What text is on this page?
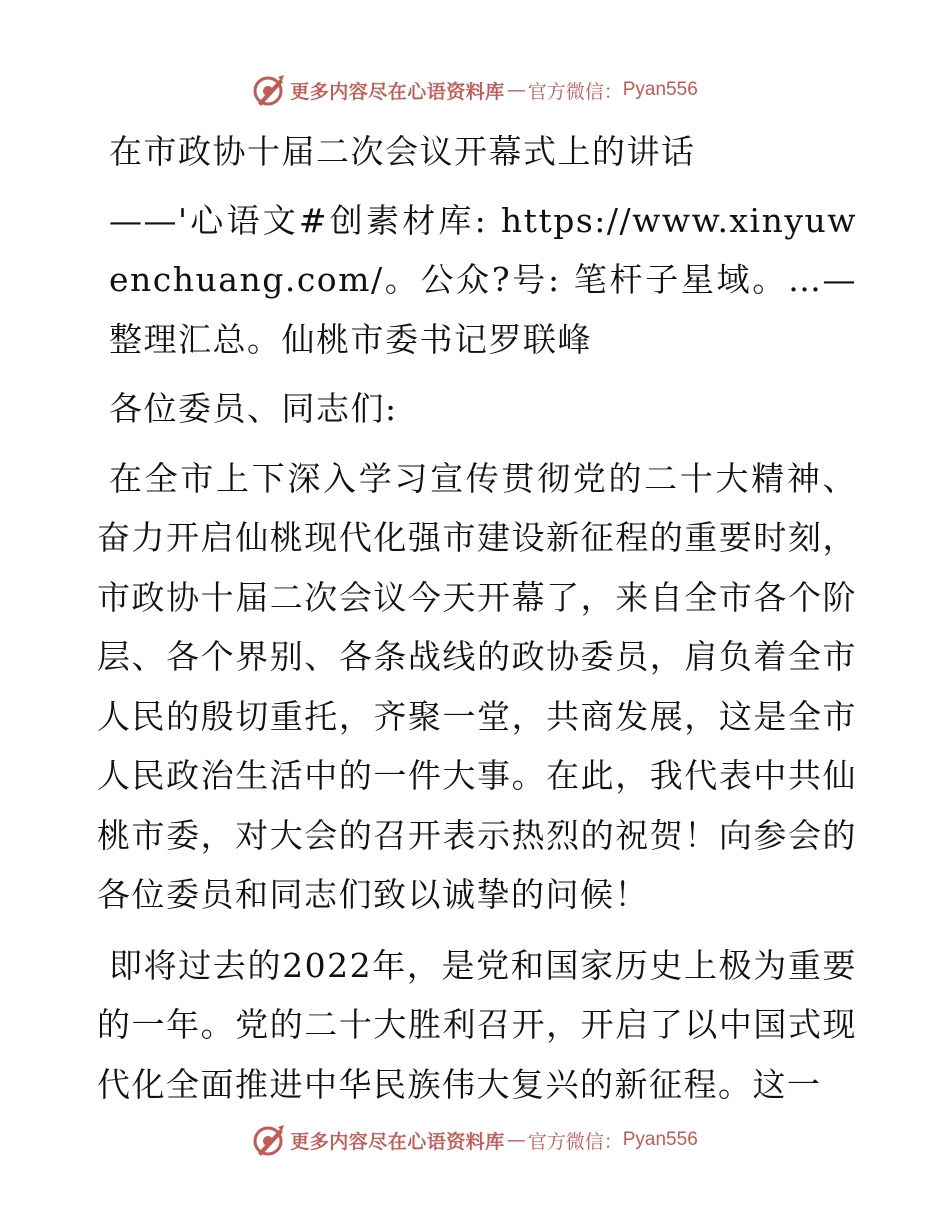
更多内容尽在心语资料库 — 官方微信： Pyan556

在市政协十届二次会议开幕式上的讲话

——'心语文#创素材库: https://www.xinyuwenchuang.com/。公众?号: 笔杆子星域。…—整理汇总。仙桃市委书记罗联峰

各位委员、同志们:

在全市上下深入学习宣传贯彻党的二十大精神、奋力开启仙桃现代化强市建设新征程的重要时刻，市政协十届二次会议今天开幕了，来自全市各个阶层、各个界别、各条战线的政协委员，肩负着全市人民的殷切重托，齐聚一堂，共商发展，这是全市人民政治生活中的一件大事。在此，我代表中共仙桃市委，对大会的召开表示热烈的祝贺！向参会的各位委员和同志们致以诚挚的问候！

即将过去的2022年，是党和国家历史上极为重要的一年。党的二十大胜利召开，开启了以中国式现代化全面推进中华民族伟大复兴的新征程。这一

更多内容尽在心语资料库 — 官方微信： Pyan556
